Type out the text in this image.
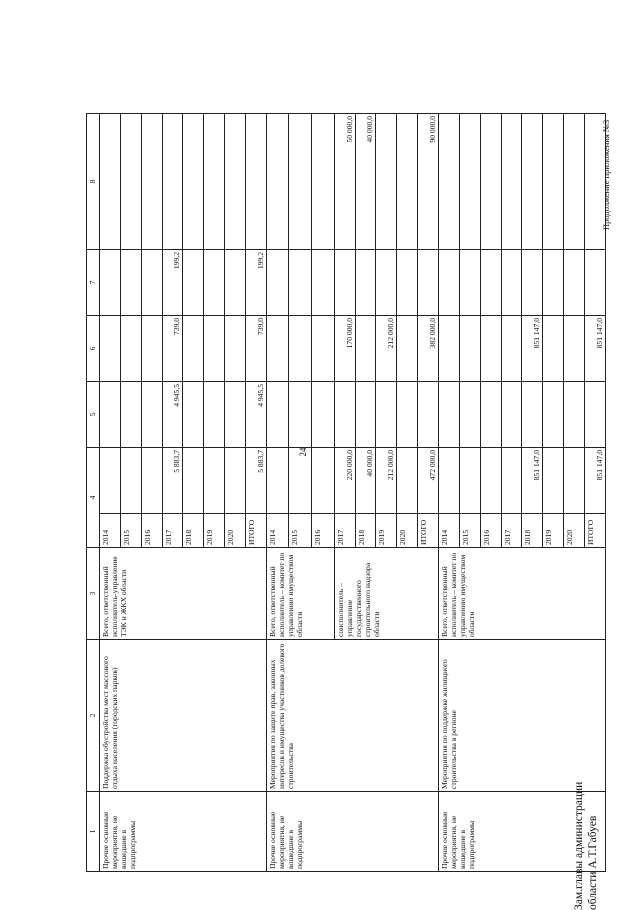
Продолжение приложения №3
24
1	2	3	4		5	6	7	8
Прочие основные мероприятия, не вошедшие в подпрограммы	Поддержка обустройства мест массового отдыха населения (городских парков)	Всего, ответственный исполнитель-управление ТЭК и ЖКХ области	2014					
			2015					
			2016					
			2017	5 883,7	4 945,5	739,0	199,2	
			2018					
			2019					
			2020					
			ИТОГО	5 883,7	4 945,5	739,0	199,2	
Прочие основные мероприятия, не вошедшие в подпрограммы	Мероприятия по защите прав, законных интересов и имущества участников долевого строительства	Всего, ответственный исполнитель – комитет по управлению имуществом области	2014					
			2015					
			2016					
		соисполнитель – управление государственного строительного надзора области	2017	220 000,0		170 000,0		50 000,0
			2018	40 000,0				40 000,0
			2019	212 000,0		212 000,0		
			2020					
			ИТОГО	472 000,0		382 000,0		90 000,0
Прочие основные мероприятия, не вошедшие в подпрограммы	Мероприятия по поддержке жилищного строительства в регионе	Всего, ответственный исполнитель – комитет по управлению имуществом области	2014					
			2015					
			2016					
			2017					
			2018	851 147,0		851 147,0		
			2019					
			2020					
			ИТОГО	851 147,0		851 147,0		
Зам.главы администрации области А.Т.Габуев
